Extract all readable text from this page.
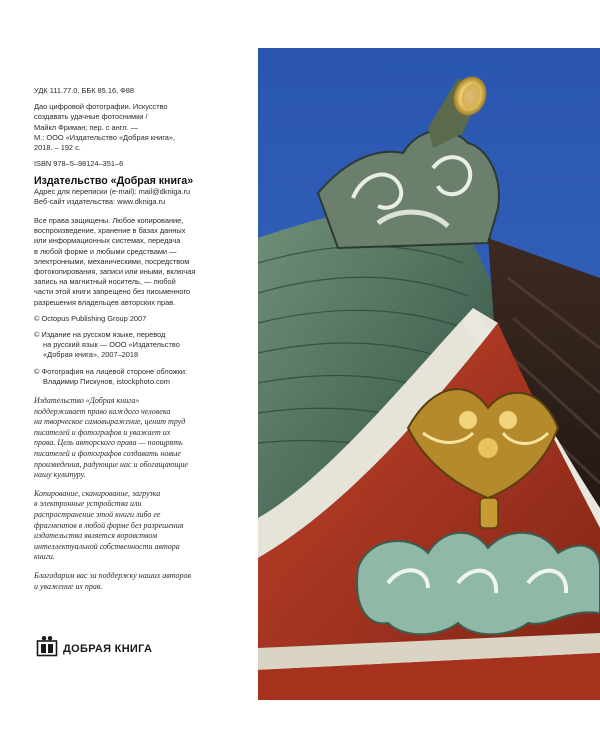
УДК 111.77.0, ББК 85.16, Ф88

Дао цифровой фотографии. Искусство

создавать удачные фотоснимки /

Майкл Фриман; пер. с англ. —

М.: ООО «Издательство «Добрая книга»,

2018. – 192 с.

ISBN 978–5–98124–351–6

Издательство «Добрая книга»

Адрес для переписки (e-mail): mail@dkniga.ru

Веб-сайт издательства: www.dkniga.ru

Все права защищены. Любое копирование,

воспроизведение, хранение в базах данных

или информационных системах, передача

в любой форме и любыми средствами —

электронными, механическими, посредством

фотокопирования, записи или иными, включая

запись на магнитный носитель, — любой

части этой книги запрещено без письменного

разрешения владельцев авторских прав.

© Octopus Publishing Group 2007

© Издание на русском языке, перевод

на русский язык — ООО «Издательство

«Добрая книга», 2007–2018

© Фотография на лицевой стороне обложки:

Владимир Пискунов, istockphoto.com

Издательство «Добрая книга»
поддерживает право каждого человека
на творческое самовыражение, ценит труд
писателей и фотографов и уважает их
права. Цель авторского права — поощрять
писателей и фотографов создавать новые
произведения, радующие нас и обогащающие
нашу культуру.

Копирование, сканирование, загрузка
в электронные устройства или
распространение этой книги либо ее
фрагментов в любой форме без разрешения
издательства является воровством
интеллектуальной собственности автора
книги.

Благодарим вас за поддержку наших авторов
и уважение их прав.

ДОБРАЯ КНИГА
